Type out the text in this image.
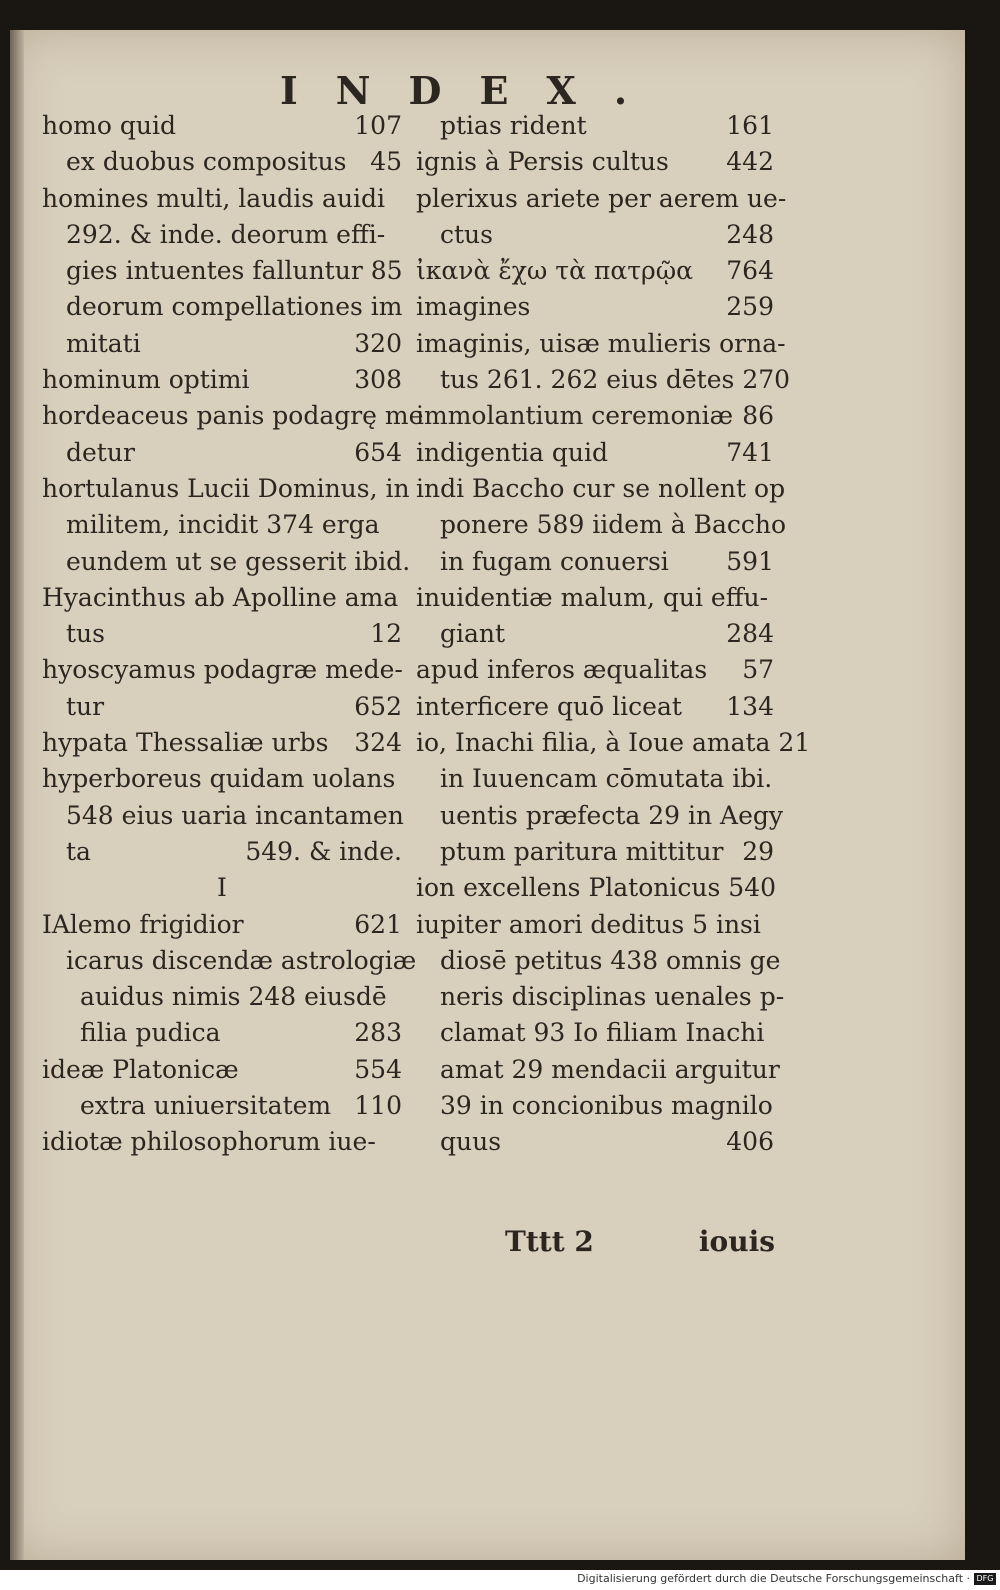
INDEX.
homo quid	107
ex duobus compositus 45
homines multi, laudis auidi
292. & inde. deorum effi-
gies intuentes falluntur 85
deorum compellationes im
mitati	320
hominum optimi	308
hordeaceus panis podagrę me
detur	654
hortulanus Lucii Dominus, in
militem, incidit 374 erga
eundem ut se gesserit ibid.
Hyacinthus ab Apolline ama
tus	12
hyoscyamus podagræ mede-
tur	652
hypata Thessaliæ urbs	324
hyperboreus quidam uolans
548 eius uaria incantamen
ta	549. & inde.
I
IAlemo frigidior	621
icarus discendæ astrologiæ
auidus nimis 248 eiusdē
filia pudica	283
ideæ Platonicæ	554
extra uniuersitatem 110
idiotæ philosophorum iue-
ptias rident	161
ignis à Persis cultus	442
plerixus ariete per aerem ue-
ctus	248
ἰκανὰ ἔχω τὰ πατρῷα	764
imagines	259
imaginis, uisæ mulieris orna-
tus 261. 262 eius dētes 270
immolantium ceremoniæ 86
indigentia quid	741
indi Baccho cur se nollent op
ponere 589 iidem à Baccho
in fugam conuersi	591
inuidentiæ malum, qui effu-
giant	284
apud inferos æqualitas	57
interficere quō liceat	134
io, Inachi filia, à Ioue amata 21
in Iuuencam cōmutata ibi.
uentis præfecta 29 in Aegy
ptum paritura mittitur 29
ion excellens Platonicus 540
iupiter amori deditus 5 insi
diosē petitus 438 omnis ge
neris disciplinas uenales p-
clamat 93 Io filiam Inachi
amat 29 mendacii arguitur
39 in concionibus magnilo
quus	406
Tttt 2	iouis
Digitalisierung gefördert durch die Deutsche Forschungsgemeinschaft · DFG
